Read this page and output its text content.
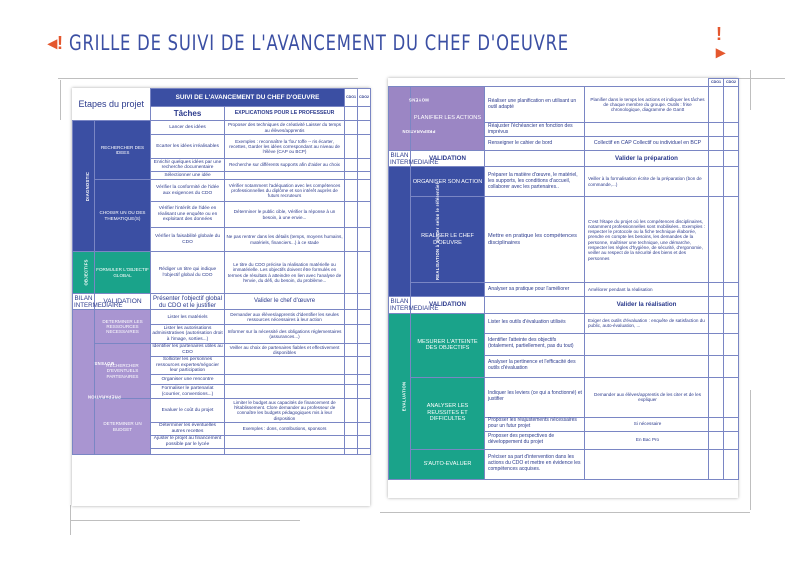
◂! GRILLE DE SUIVI DE L'AVANCEMENT DU CHEF D'OEUVRE	!▸
Etapes du projet		SUIVI DE L'AVANCEMENT DU CHEF D'OEUVRE		CDO1	CDO2
		Tâches	EXPLICATIONS POUR LE PROFESSEUR		
DIAGNOSTIC	RECHERCHER DES IDEES	Lancer des idées	Proposer des techniques de créativité Laisser du temps au élèves/apprentis		
		Ecarter les idées irréalisables	Exemples : reconnaître la 'fou' toffe -- ris écarter, recettes, Garder les idées correspondant au niveau de l'élève (CAP ou BCP)		
		Enrichir quelques idées par une recherche documentaire	Recherche sur différents supports afin d'aider au choix		
		Sélectionner une idée			
	CHOISIR UN OU DES THEMATIQUE(S)	Vérifier la conformité de l'idée aux exigences du CDO	Vérifier notamment l'adéquation avec les compétences professionnelles du diplôme et son intérêt auprès de futurs recruteurs		
		Vérifier l'intérêt de l'idée en réalisant une enquête ou en exploitant des données	Déterminer le public cible, Vérifier la réponse à un besoin, à une envie...		
		Vérifier la faisabilité globale du CDO	Ne pas rentrer dans les détails (temps, moyens humains, matériels, financiers...) à ce stade		
OBJECTIFS	FORMULER L'OBJECTIF GLOBAL	Rédiger un titre qui indique l'objectif global du CDO	Le titre du CDO précise la réalisation matérielle ou immatérielle. Les objectifs doivent être formulés en termes de résultats à atteindre en lien avec l'analyse de l'envie, du défi, du besoin, du problème...		
BILAN INTERMEDIAIRE	VALIDATION	Présenter l'objectif global du CDO et le justifier	Valider le chef d'œuvre		
PREPARATION     MOYENS	DETERMINER LES RESSOURCES NECESSAIRES	Lister les matériels	Demander aux élèves/apprentis d'identifier les seules ressources nécessaires à leur action		
		Lister les autorisations administratives (autorisation droit à l'image, sorties...)	Informer sur la nécessité des obligations réglementaires (assurances...)		
	RECHERCHER D'EVENTUELS PARTENAIRES	Identifier les partenaires utiles au CDO	Veiller au choix de partenaires fiables et effectivement disponibles		
		Solliciter les personnes ressources expertes/négocier leur participation			
		Organiser une rencontre			
		Formaliser le partenariat (courrier, conventions...)			
	DETERMINER UN BUDGET	Evaluer le coût du projet	Limiter le budget aux capacités de financement de l'établissement. Clore demander au professeur de connaître les budgets pédagogiques mis à leur disposition		
		Déterminer les éventuelles autres recettes	Exemples : dons, contributions, sponsors		
		Ajuster le projet au financement possible par le lycée			

				CDO1	CDO2
PREPARATION   MOYENS	PLANIFIER LES ACTIONS	Réaliser une planification en utilisant un outil adapté	Planifier dans le temps les actions et indiquer les tâches de chaque membre du groupe. Outils : frise chronologique, diagramme de Gantt		
		Réajuster l'échéancier en fonction des imprévus			
		Renseigner le cahier de bord	Collectif en CAP Collectif ou individuel en BCP		
BILAN INTERMEDIAIRE	VALIDATION		Valider la préparation		
REALISATION à ajuster selon le référentiel	ORGANISER SON ACTION	Préparer la matière d'œuvre, le matériel, les supports, les conditions d'accueil, collaborer avec les partenaires..	Veiller à la formalisation écrite de la préparation (bon de commande,...)		
	REALISER LE CHEF D'OEUVRE	Mettre en pratique les compétences disciplinaires	C'est l'étape du projet où les compétences disciplinaires, notamment professionnelles sont mobilisées.. Exemples : respecter le protocole ou la fiche technique élaborée, prendre en compte les besoins, les demandes de la personne, maîtriser une technique, une démarche, respecter les règles d'hygiène, de sécurité, d'ergonomie, veiller au respect de la sécurité des biens et des personnes		
		Analyser sa pratique pour l'améliorer	Améliorer pendant la réalisation		
BILAN INTERMEDIAIRE	VALIDATION		Valider la réalisation		
EVALUATION	MESURER L'ATTEINTE DES OBJECTIFS	Lister les outils d'évaluation utilisés	Exiger des outils d'évaluation : enquête de satisfaction du public, auto-évaluation, ...		
		Identifier l'atteinte des objectifs (totalement, partiellement, pas du tout)			
		Analyser la pertinence et l'efficacité des outils d'évaluation			
	ANALYSER LES REUSSITES ET DIFFICULTES	Indiquer les leviers (ce qui a fonctionné) et justifier	Demander aux élèves/apprentis de les citer et de les expliquer		
		Proposer les réajustements nécessaires pour un futur projet	Si nécessaire		
		Proposer des perspectives de développement du projet	En Bac Pro		
	S'AUTO-EVALUER	Préciser sa part d'intervention dans les actions du CDO et mettre en évidence les compétences acquises.			
